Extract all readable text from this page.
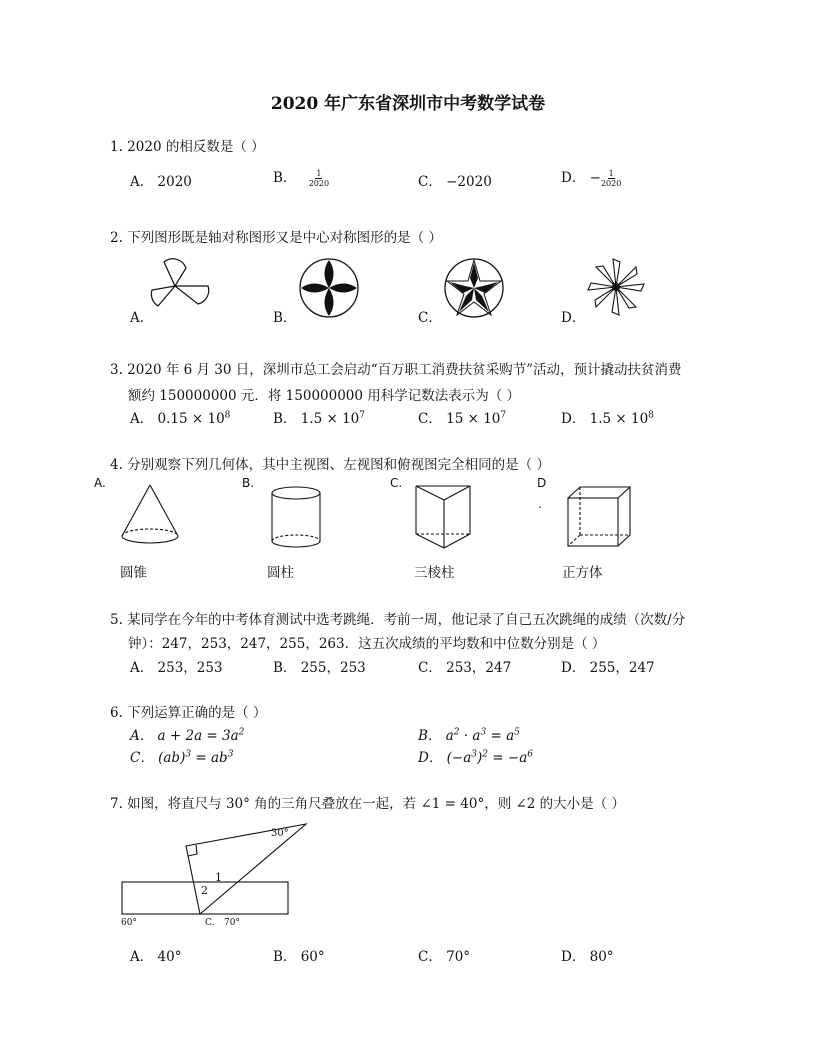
2020 年广东省深圳市中考数学试卷
1. 2020 的相反数是（ ）
A． 2020	B． $\frac{1}{2020}$	C． −2020	D． − $\frac{1}{2020}$
2. 下列图形既是轴对称图形又是中心对称图形的是（ ）
A．	B．	C．	D．
3. 2020 年 6 月 30 日，深圳市总工会启动“百万职工消费扶贫采购节”活动，预计撬动扶贫消费
额约 150000000 元．将 150000000 用科学记数法表示为（ ）
A． $0.15 \times 10^8$	B． $1.5 \times 10^7$	C． $15 \times 10^7$	D． $1.5 \times 10^8$
4. 分别观察下列几何体，其中主视图、左视图和俯视图完全相同的是（ ）
A.	B.	C.	D
.
圆锥	圆柱	三棱柱	正方体
5. 某同学在今年的中考体育测试中选考跳绳．考前一周，他记录了自己五次跳绳的成绩（次数/分
钟）：247，253，247，255，263．这五次成绩的平均数和中位数分别是（ ）
A． 253，253	B． 255，253	C． 253，247	D． 255，247
6. 下列运算正确的是（ ）
A． $a + 2a = 3a^2$	B． $a^2 \cdot a^3 = a^5$
C． $(ab)^3 = ab^3$	D． $(-a^3)^2 = -a^6$
7. 如图，将直尺与 30° 角的三角尺叠放在一起，若 ∠1 = 40°，则 ∠2 的大小是（ ）
30°
1
2
60°	C. 70°
A． 40°	B． 60°	C． 70°	D． 80°
